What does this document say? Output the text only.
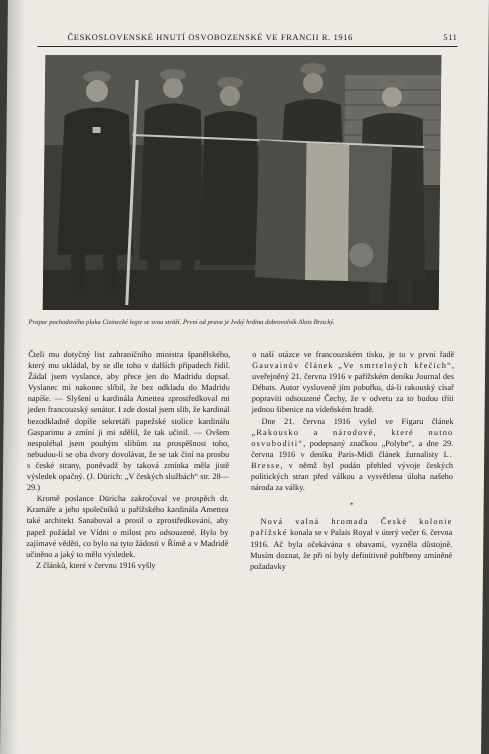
ČESKOSLOVENSKÉ HNUTÍ OSVOBOZENSKÉ VE FRANCII R. 1916	511
Prapor pochodového pluku Cizinecké legie se svou stráží. První od prava je Ivský hrdina dobrovolník Alois Brzický.

Čteli mu dotyčný list zahraničního ministra španělského, který mu ukládal, by se dle toho v dalších případech řídil. Žádal jsem vyslance, aby přece jen do Madridu dopsal. Vyslanec mi nakonec slíbil, že bez odkladu do Madridu napíše. — Slyšení u kardinála Ametteа zprostředkoval mi jeden francouzský senátor. I zde dostal jsem slib, že kardinál bezodkladně dopíše sekretáři papežské stolice kardinálu Gasparimu a zmíní ji mi sdělil, že tak učinil. — Ovšem nespoléhal jsem pouhým slibům na prospěšnost toho, nebudou-li se oba dvory dovolávat, že se tak činí na prosbu s české strany, poněvadž by taková zmínka měla jistě výsledek opačný. (J. Dürich: „V českých službách“ str. 28—29.)

Kromě poslance Düricha zakročoval ve prospěch dr. Kramáře a jeho společníků u pařížského kardinála Ametteа také architekt Sanaboval a prosil o zprostředkování, aby papež požádal ve Vídni o milost pro odsouzené. Bylo by zajímavé věděti, co bylo na tyto žádosti v Římě a v Madridě učiněno a jaký to mělo výsledek.

Z článků, které v červnu 1916 vyšly

o naší otázce ve francouzském tisku, je to v první řadě Gauvainův článek „Ve smrtelných křečích“, uveřejněný 21. června 1916 v pařížském deníku Journal des Débats. Autor vysloveně jím pobuřku, dá-li rakouský císař popraviti odsouzené Čechy, že v odvetu za to budou tříti jednou šibenice na vídeňském hradě.

Dne 21. června 1916 vyšel ve Figaru článek „Rakousko a národové, které nutno osvoboditi“, podepsaný značkou „Polybe“, a dne 29. června 1916 v deníku Paris-Midi článek žurnalisty L. Bresse, v němž byl podán přehled vývoje českých politických stran před válkou a vysvětlena úloha našeho národa za války.

*

Nová valná hromada České kolonie pařížské konala se v Palais Royal v úterý večer 6. června 1916. Ač byla očekávána s obavami, vyzněla důstojně. Musím doznat, že při ní byly definitivně pohřbeny zmíněné požadavky
